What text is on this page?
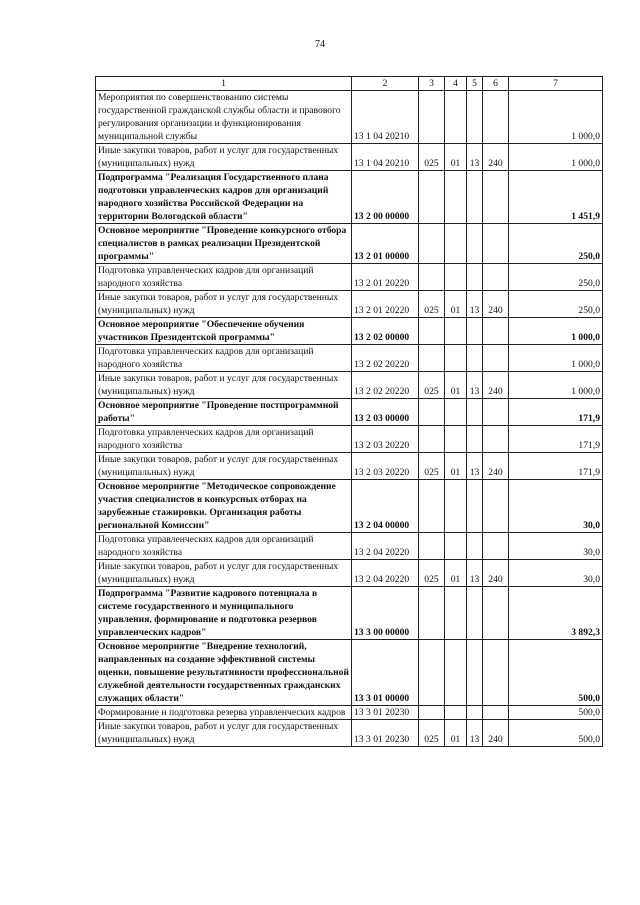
74
1	2	3	4	5	6	7
Мероприятия по совершенствованию системы государственной гражданской службы области и правового регулирования организации и функционирования муниципальной службы	13 1 04 20210					1 000,0
Иные закупки товаров, работ и услуг для государственных (муниципальных) нужд	13 1 04 20210	025	01	13	240	1 000,0
Подпрограмма "Реализация Государственного плана подготовки управленческих кадров для организаций народного хозяйства Российской Федерации на территории Вологодской области"	13 2 00 00000					1 451,9
Основное мероприятие "Проведение конкурсного отбора специалистов в рамках реализации Президентской программы"	13 2 01 00000					250,0
Подготовка управленческих кадров для организаций народного хозяйства	13 2 01 20220					250,0
Иные закупки товаров, работ и услуг для государственных (муниципальных) нужд	13 2 01 20220	025	01	13	240	250,0
Основное мероприятие "Обеспечение обучения участников Президентской программы"	13 2 02 00000					1 000,0
Подготовка управленческих кадров для организаций народного хозяйства	13 2 02 20220					1 000,0
Иные закупки товаров, работ и услуг для государственных (муниципальных) нужд	13 2 02 20220	025	01	13	240	1 000,0
Основное мероприятие "Проведение постпрограммной работы"	13 2 03 00000					171,9
Подготовка управленческих кадров для организаций народного хозяйства	13 2 03 20220					171,9
Иные закупки товаров, работ и услуг для государственных (муниципальных) нужд	13 2 03 20220	025	01	13	240	171,9
Основное мероприятие "Методическое сопровождение участия специалистов в конкурсных отборах на зарубежные стажировки. Организация работы региональной Комиссии"	13 2 04 00000					30,0
Подготовка управленческих кадров для организаций народного хозяйства	13 2 04 20220					30,0
Иные закупки товаров, работ и услуг для государственных (муниципальных) нужд	13 2 04 20220	025	01	13	240	30,0
Подпрограмма "Развитие кадрового потенциала в системе государственного и муниципального управления, формирование и подготовка резервов управленческих кадров"	13 3 00 00000					3 892,3
Основное мероприятие "Внедрение технологий, направленных на создание эффективной системы оценки, повышение результативности профессиональной служебной деятельности государственных гражданских служащих области"	13 3 01 00000					500,0
Формирование и подготовка резерва управленческих кадров	13 3 01 20230					500,0
Иные закупки товаров, работ и услуг для государственных (муниципальных) нужд	13 3 01 20230	025	01	13	240	500,0
